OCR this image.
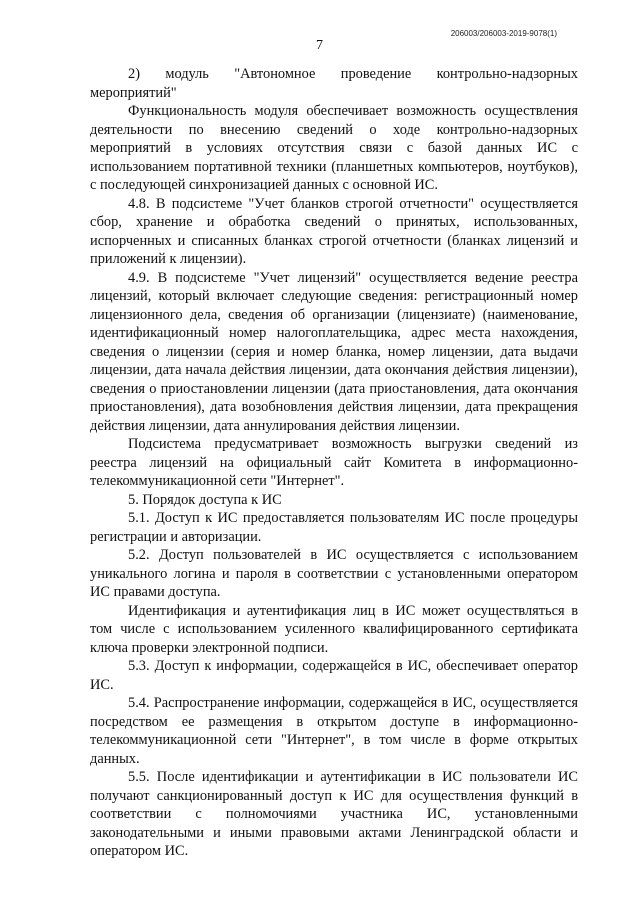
206003/206003-2019-9078(1)
7

2) модуль "Автономное проведение контрольно-надзорных мероприятий"

Функциональность модуля обеспечивает возможность осуществления деятельности по внесению сведений о ходе контрольно-надзорных мероприятий в условиях отсутствия связи с базой данных ИС с использованием портативной техники (планшетных компьютеров, ноутбуков), с последующей синхронизацией данных с основной ИС.

4.8. В подсистеме "Учет бланков строгой отчетности" осуществляется сбор, хранение и обработка сведений о принятых, использованных, испорченных и списанных бланках строгой отчетности (бланках лицензий и приложений к лицензии).

4.9. В подсистеме "Учет лицензий" осуществляется ведение реестра лицензий, который включает следующие сведения: регистрационный номер лицензионного дела, сведения об организации (лицензиате) (наименование, идентификационный номер налогоплательщика, адрес места нахождения, сведения о лицензии (серия и номер бланка, номер лицензии, дата выдачи лицензии, дата начала действия лицензии, дата окончания действия лицензии), сведения о приостановлении лицензии (дата приостановления, дата окончания приостановления), дата возобновления действия лицензии, дата прекращения действия лицензии, дата аннулирования действия лицензии.

Подсистема предусматривает возможность выгрузки сведений из реестра лицензий на официальный сайт Комитета в информационно-телекоммуникационной сети "Интернет".

5. Порядок доступа к ИС

5.1. Доступ к ИС предоставляется пользователям ИС после процедуры регистрации и авторизации.

5.2. Доступ пользователей в ИС осуществляется с использованием уникального логина и пароля в соответствии с установленными оператором ИС правами доступа.

Идентификация и аутентификация лиц в ИС может осуществляться в том числе с использованием усиленного квалифицированного сертификата ключа проверки электронной подписи.

5.3. Доступ к информации, содержащейся в ИС, обеспечивает оператор ИС.

5.4. Распространение информации, содержащейся в ИС, осуществляется посредством ее размещения в открытом доступе в информационно-телекоммуникационной сети "Интернет", в том числе в форме открытых данных.

5.5. После идентификации и аутентификации в ИС пользователи ИС получают санкционированный доступ к ИС для осуществления функций в соответствии с полномочиями участника ИС, установленными законодательными и иными правовыми актами Ленинградской области и оператором ИС.
